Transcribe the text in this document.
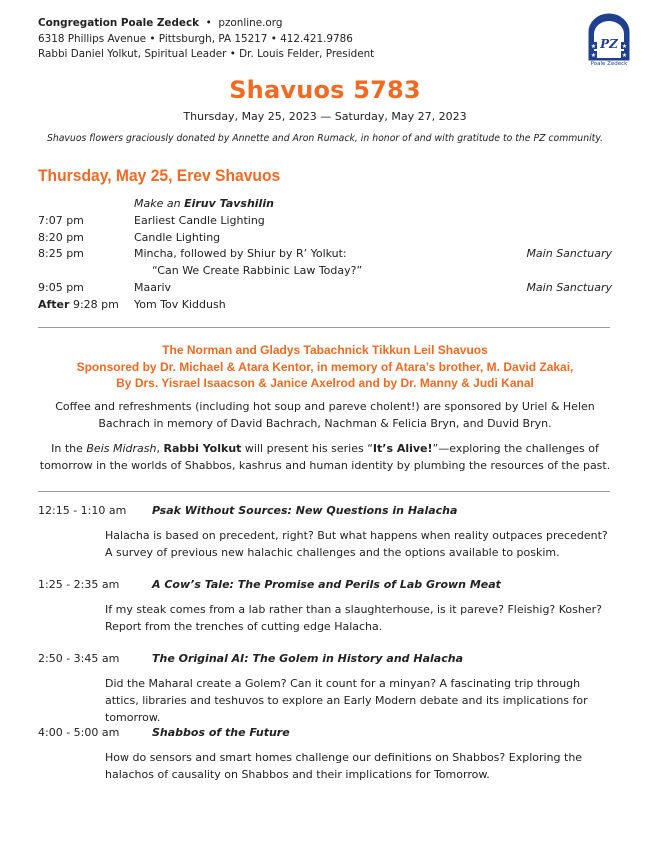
Congregation Poale Zedeck  •  pzonline.org
6318 Phillips Avenue • Pittsburgh, PA 15217 • 412.421.9786
Rabbi Daniel Yolkut, Spiritual Leader • Dr. Louis Felder, President
תפלה
PZ
★	★
★	★
Poale Zedeck
Shavuos 5783
Thursday, May 25, 2023 — Saturday, May 27, 2023
Shavuos flowers graciously donated by Annette and Aron Rumack, in honor of and with gratitude to the PZ community.
Thursday, May 25, Erev Shavuos
Make an Eiruv Tavshilin
7:07 pm	Earliest Candle Lighting
8:20 pm	Candle Lighting
8:25 pm	Mincha, followed by Shiur by R’ Yolkut:	Main Sanctuary
“Can We Create Rabbinic Law Today?”
9:05 pm	Maariv	Main Sanctuary
After 9:28 pm Yom Tov Kiddush
The Norman and Gladys Tabachnick Tikkun Leil Shavuos
Sponsored by Dr. Michael & Atara Kentor, in memory of Atara’s brother, M. David Zakai,
By Drs. Yisrael Isaacson & Janice Axelrod and by Dr. Manny & Judi Kanal
Coffee and refreshments (including hot soup and pareve cholent!) are sponsored by Uriel & Helen Bachrach in memory of David Bachrach, Nachman & Felicia Bryn, and Duvid Bryn.
In the Beis Midrash, Rabbi Yolkut will present his series “It’s Alive!”—exploring the challenges of tomorrow in the worlds of Shabbos, kashrus and human identity by plumbing the resources of the past.
12:15 - 1:10 am Psak Without Sources: New Questions in Halacha
Halacha is based on precedent, right? But what happens when reality outpaces precedent? A survey of previous new halachic challenges and the options available to poskim.
1:25 - 2:35 am	A Cow’s Tale: The Promise and Perils of Lab Grown Meat
If my steak comes from a lab rather than a slaughterhouse, is it pareve? Fleishig? Kosher? Report from the trenches of cutting edge Halacha.
2:50 - 3:45 am	The Original AI: The Golem in History and Halacha
Did the Maharal create a Golem? Can it count for a minyan? A fascinating trip through attics, libraries and teshuvos to explore an Early Modern debate and its implications for tomorrow.
4:00 - 5:00 am	Shabbos of the Future
How do sensors and smart homes challenge our definitions on Shabbos? Exploring the halachos of causality on Shabbos and their implications for Tomorrow.
